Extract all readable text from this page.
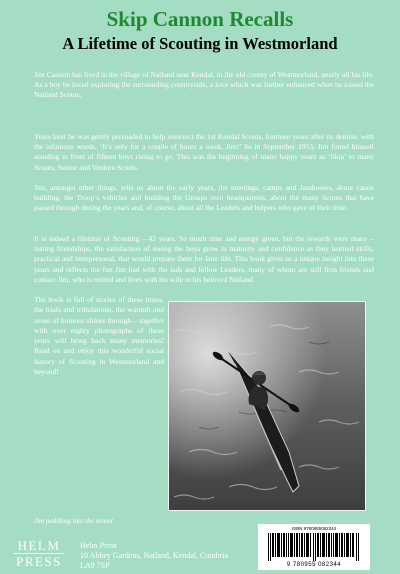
Skip Cannon Recalls
A Lifetime of Scouting in Westmorland

Jim Cannon has lived in the village of Natland near Kendal, in the old county of Westmorland, nearly all his life. As a boy he loved exploring the surrounding countryside, a love which was further enhanced when he joined the Natland Scouts.

Years later he was gently persuaded to help resurrect the 1st Kendal Scouts, fourteen years after its demise, with the infamous words, ‘It’s only for a couple of hours a week, Jim!’ So in September 1953, Jim found himself standing in front of fifteen boys raring to go. This was the beginning of many happy years as ‘Skip’ to many Scouts, Senior and Venture Scouts.

Jim, amongst other things, tells us about the early years, the meetings, camps and Jamborees, about canoe building, the Troop’s vehicles and building the Groups own headquarters, about the many Scouts that have passed through during the years and, of course, about all the Leaders and helpers who gave of their time.

It is indeed a lifetime of Scouting – 42 years. So much time and energy given, but the rewards were many – lasting friendships, the satisfaction of seeing the boys grow in maturity and confidence as they learned skills, practical and interpersonal, that would prepare them for later life. This book gives us a unique insight into these years and reflects the fun Jim had with the lads and fellow Leaders, many of whom are still firm friends and contact Jim, who is retired and lives with his wife in his beloved Natland.

The book is full of stories of these times, the trials and tribulations, the warmth and sense of humour shines through – together with over eighty photographs of these years will bring back many memories! Read on and enjoy this wonderful social history of Scouting in Westmorland and beyond!

Jim paddling into the sunset

HELM
PRESS

Helm Press

10 Abbey Gardens, Natland, Kendal, Cumbria LA9 7SP

ISBN 9780955082344

9 780955 082344
